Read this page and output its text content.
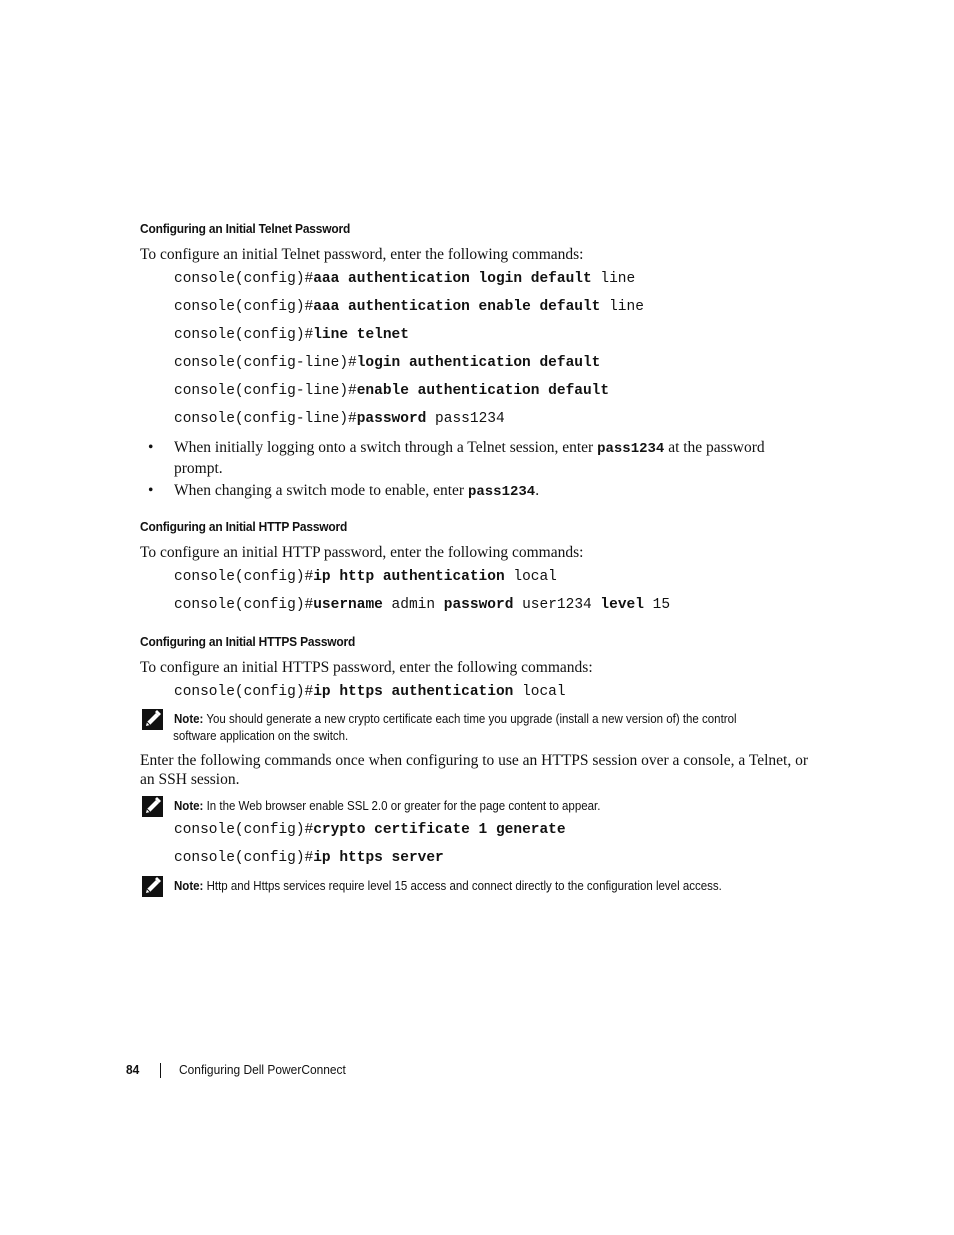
Configuring an Initial Telnet Password
To configure an initial Telnet password, enter the following commands:
console(config)#aaa authentication login default line
console(config)#aaa authentication enable default line
console(config)#line telnet
console(config-line)#login authentication default
console(config-line)#enable authentication default
console(config-line)#password pass1234
• When initially logging onto a switch through a Telnet session, enter pass1234 at the password prompt.
• When changing a switch mode to enable, enter pass1234.
Configuring an Initial HTTP Password
To configure an initial HTTP password, enter the following commands:
console(config)#ip http authentication local
console(config)#username admin password user1234 level 15
Configuring an Initial HTTPS Password
To configure an initial HTTPS password, enter the following commands:
console(config)#ip https authentication local
Note: You should generate a new crypto certificate each time you upgrade (install a new version of) the control
software application on the switch.
Enter the following commands once when configuring to use an HTTPS session over a console, a Telnet, or an SSH session.
Note: In the Web browser enable SSL 2.0 or greater for the page content to appear.
console(config)#crypto certificate 1 generate
console(config)#ip https server
Note: Http and Https services require level 15 access and connect directly to the configuration level access.
84	Configuring Dell PowerConnect
